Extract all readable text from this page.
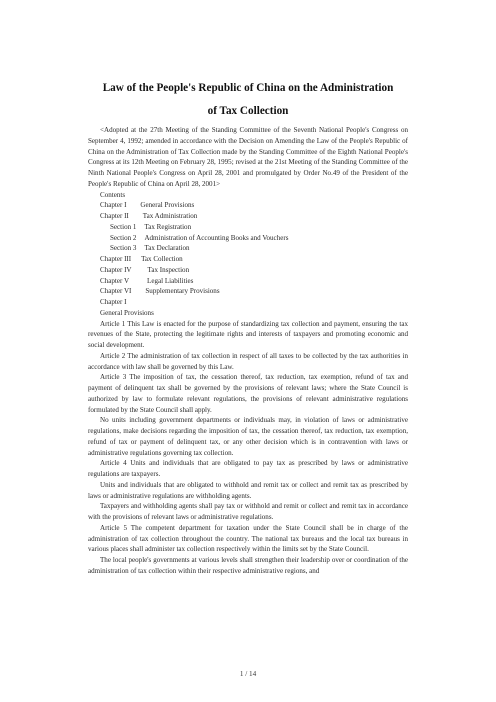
Law of the People's Republic of China on the Administration
of Tax Collection

<Adopted at the 27th Meeting of the Standing Committee of the Seventh National People's Congress on September 4, 1992; amended in accordance with the Decision on Amending the Law of the People's Republic of China on the Administration of Tax Collection made by the Standing Committee of the Eighth National People's Congress at its 12th Meeting on February 28, 1995; revised at the 21st Meeting of the Standing Committee of the Ninth National People's Congress on April 28, 2001 and promulgated by Order No.49 of the President of the People's Republic of China on April 28, 2001>

Contents

Chapter I General Provisions

Chapter II Tax Administration

Section 1 Tax Registration

Section 2 Administration of Accounting Books and Vouchers

Section 3 Tax Declaration

Chapter III Tax Collection

Chapter IV Tax Inspection

Chapter V	Legal Liabilities

Chapter VI Supplementary Provisions

Chapter I

General Provisions

Article 1 This Law is enacted for the purpose of standardizing tax collection and payment, ensuring the tax revenues of the State, protecting the legitimate rights and interests of taxpayers and promoting economic and social development.

Article 2 The administration of tax collection in respect of all taxes to be collected by the tax authorities in accordance with law shall be governed by this Law.

Article 3 The imposition of tax, the cessation thereof, tax reduction, tax exemption, refund of tax and payment of delinquent tax shall be governed by the provisions of relevant laws; where the State Council is authorized by law to formulate relevant regulations, the provisions of relevant administrative regulations formulated by the State Council shall apply.

No units including government departments or individuals may, in violation of laws or administrative regulations, make decisions regarding the imposition of tax, the cessation thereof, tax reduction, tax exemption, refund of tax or payment of delinquent tax, or any other decision which is in contravention with laws or administrative regulations governing tax collection.

Article 4 Units and individuals that are obligated to pay tax as prescribed by laws or administrative regulations are taxpayers.

Units and individuals that are obligated to withhold and remit tax or collect and remit tax as prescribed by laws or administrative regulations are withholding agents.

Taxpayers and withholding agents shall pay tax or withhold and remit or collect and remit tax in accordance with the provisions of relevant laws or administrative regulations.

Article 5 The competent department for taxation under the State Council shall be in charge of the administration of tax collection throughout the country. The national tax bureaus and the local tax bureaus in various places shall administer tax collection respectively within the limits set by the State Council.

The local people's governments at various levels shall strengthen their leadership over or coordination of the administration of tax collection within their respective administrative regions, and

1 / 14
